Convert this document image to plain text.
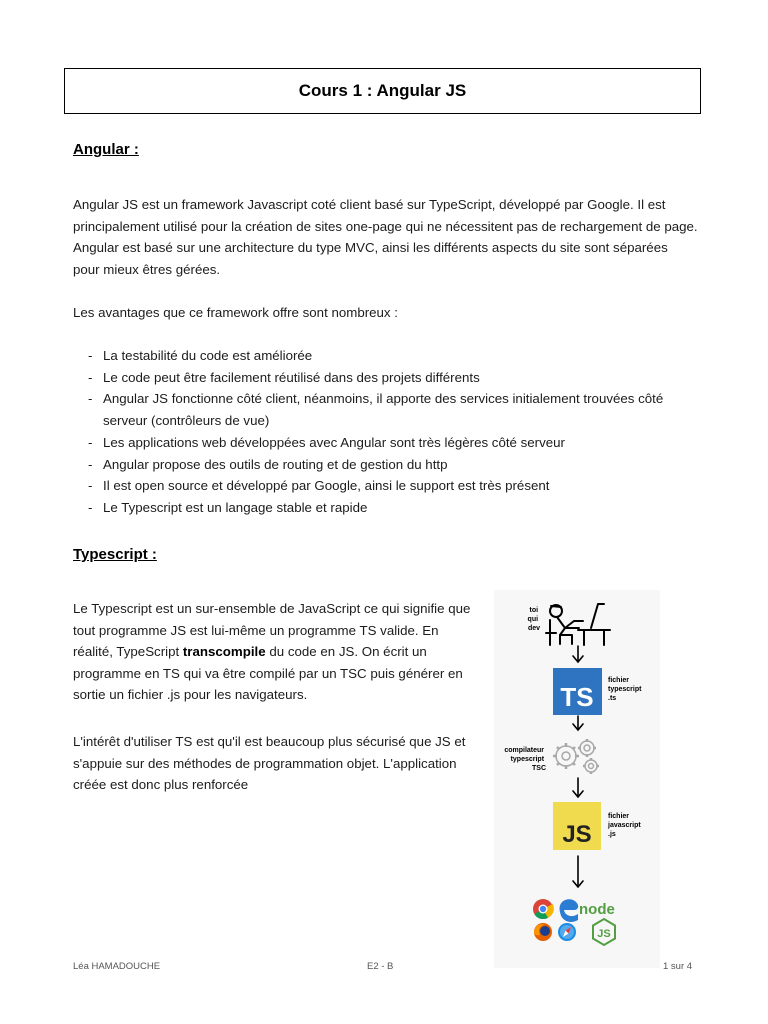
Cours 1 : Angular JS
Angular :
Angular JS est un framework Javascript coté client basé sur TypeScript, développé par Google. Il est principalement utilisé pour la création de sites one-page qui ne nécessitent pas de rechargement de page. Angular est basé sur une architecture du type MVC, ainsi les différents aspects du site sont séparées pour mieux êtres gérées.
Les avantages que ce framework offre sont nombreux :
- La testabilité du code est améliorée
- Le code peut être facilement réutilisé dans des projets différents
- Angular JS fonctionne côté client, néanmoins, il apporte des services initialement trouvées côté serveur (contrôleurs de vue)
- Les applications web développées avec Angular sont très légères côté serveur
- Angular propose des outils de routing et de gestion du http
- Il est open source et développé par Google, ainsi le support est très présent
- Le Typescript est un langage stable et rapide
Typescript :
Le Typescript est un sur-ensemble de JavaScript ce qui signifie que tout programme JS est lui-même un programme TS valide. En réalité, TypeScript transcompile du code en JS. On écrit un programme en TS qui va être compilé par un TSC puis générer en sortie un fichier .js pour les navigateurs.
L'intérêt d'utiliser TS est qu'il est beaucoup plus sécurisé que JS et s'appuie sur des méthodes de programmation objet. L'application créée est donc plus renforcée
toi qui dev
TS
fichier typescript .ts
compilateur typescript TSC
JS
fichier javascript .js
node
JS
Léa HAMADOUCHE	E2 - B	1 sur 4
